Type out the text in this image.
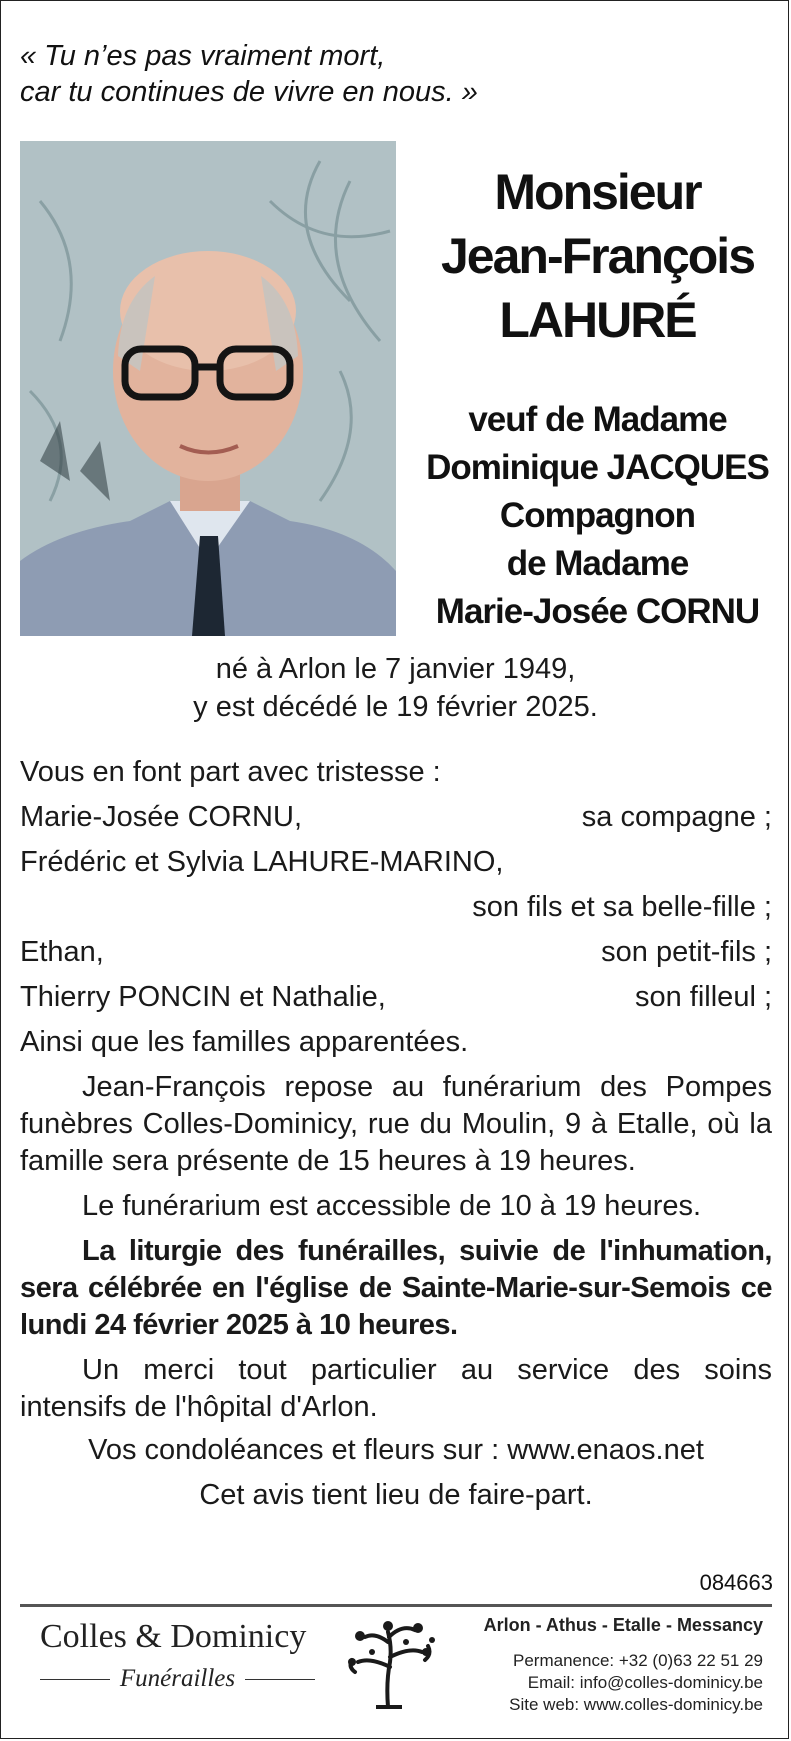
« Tu n’es pas vraiment mort,
car tu continues de vivre en nous. »
Monsieur
Jean-François
LAHURÉ
veuf de Madame
Dominique JACQUES
Compagnon
de Madame
Marie-Josée CORNU
né à Arlon le 7 janvier 1949,
y est décédé le 19 février 2025.
Vous en font part avec tristesse :
Marie-Josée CORNU,	sa compagne ;
Frédéric et Sylvia LAHURE-MARINO,
son fils et sa belle-fille ;
Ethan,	son petit-fils ;
Thierry PONCIN et Nathalie,	son filleul ;
Ainsi que les familles apparentées.

Jean-François repose au funérarium des Pompes funèbres Colles-Dominicy, rue du Moulin, 9 à Etalle, où la famille sera présente de 15 heures à 19 heures.

Le funérarium est accessible de 10 à 19 heures.

La liturgie des funérailles, suivie de l'inhumation, sera célébrée en l'église de Sainte-Marie-sur-Semois ce lundi 24 février 2025 à 10 heures.

Un merci tout particulier au service des soins intensifs de l'hôpital d'Arlon.

Vos condoléances et fleurs sur : www.enaos.net
Cet avis tient lieu de faire-part.
084663
Colles & Dominicy
Funérailles
Arlon - Athus - Etalle - Messancy
Permanence: +32 (0)63 22 51 29
Email: info@colles-dominicy.be
Site web: www.colles-dominicy.be
